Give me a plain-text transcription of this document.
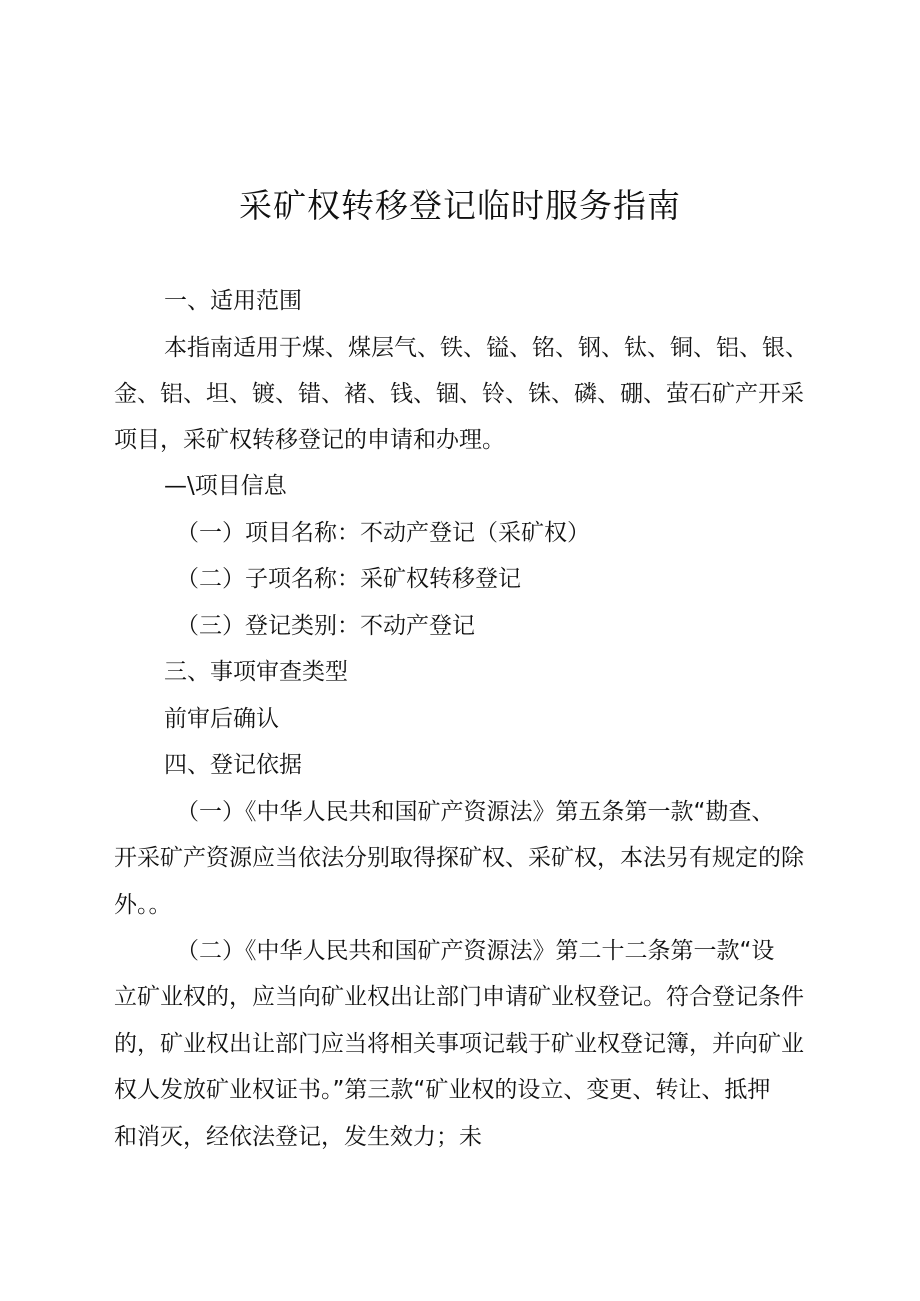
采矿权转移登记临时服务指南
一、适用范围
本指南适用于煤、煤层气、铁、镒、铭、钢、钛、铜、铝、银、
金、铝、坦、镀、错、褚、钱、锢、铃、铢、磷、硼、萤石矿产开采
项目，采矿权转移登记的申请和办理。
—\项目信息
（一）项目名称：不动产登记（采矿权）
（二）子项名称：采矿权转移登记
（三）登记类别：不动产登记
三、事项审查类型
前审后确认
四、登记依据
（一）《中华人民共和国矿产资源法》第五条第一款“勘查、
开采矿产资源应当依法分别取得探矿权、采矿权，本法另有规定的除
外。。
（二）《中华人民共和国矿产资源法》第二十二条第一款“设
立矿业权的，应当向矿业权出让部门申请矿业权登记。符合登记条件
的，矿业权出让部门应当将相关事项记载于矿业权登记簿，并向矿业
权人发放矿业权证书。”第三款“矿业权的设立、变更、转让、抵押
和消灭，经依法登记，发生效力；未
